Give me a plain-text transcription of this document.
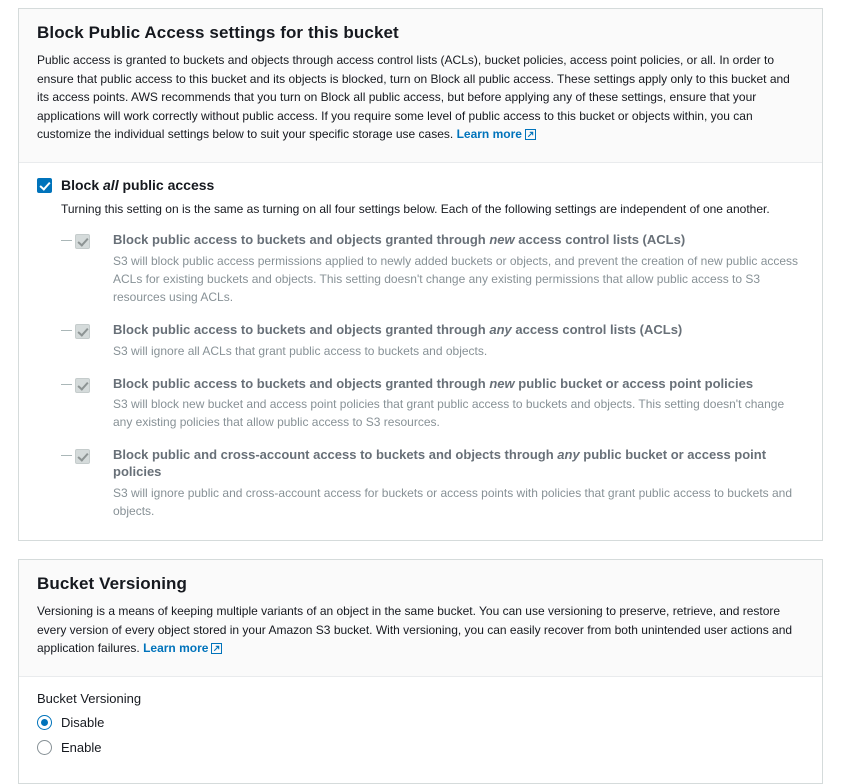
Block Public Access settings for this bucket

Public access is granted to buckets and objects through access control lists (ACLs), bucket policies, access point policies, or all. In order to ensure that public access to this bucket and its objects is blocked, turn on Block all public access. These settings apply only to this bucket and its access points. AWS recommends that you turn on Block all public access, but before applying any of these settings, ensure that your applications will work correctly without public access. If you require some level of public access to this bucket or objects within, you can customize the individual settings below to suit your specific storage use cases. Learn more

Block all public access
Turning this setting on is the same as turning on all four settings below. Each of the following settings are independent of one another.
Block public access to buckets and objects granted through new access control lists (ACLs)
S3 will block public access permissions applied to newly added buckets or objects, and prevent the creation of new public access ACLs for existing buckets and objects. This setting doesn't change any existing permissions that allow public access to S3 resources using ACLs.
Block public access to buckets and objects granted through any access control lists (ACLs)
S3 will ignore all ACLs that grant public access to buckets and objects.
Block public access to buckets and objects granted through new public bucket or access point policies
S3 will block new bucket and access point policies that grant public access to buckets and objects. This setting doesn't change any existing policies that allow public access to S3 resources.
Block public and cross-account access to buckets and objects through any public bucket or access point policies
S3 will ignore public and cross-account access for buckets or access points with policies that grant public access to buckets and objects.
Bucket Versioning

Versioning is a means of keeping multiple variants of an object in the same bucket. You can use versioning to preserve, retrieve, and restore every version of every object stored in your Amazon S3 bucket. With versioning, you can easily recover from both unintended user actions and application failures. Learn more

Bucket Versioning
Disable
Enable
